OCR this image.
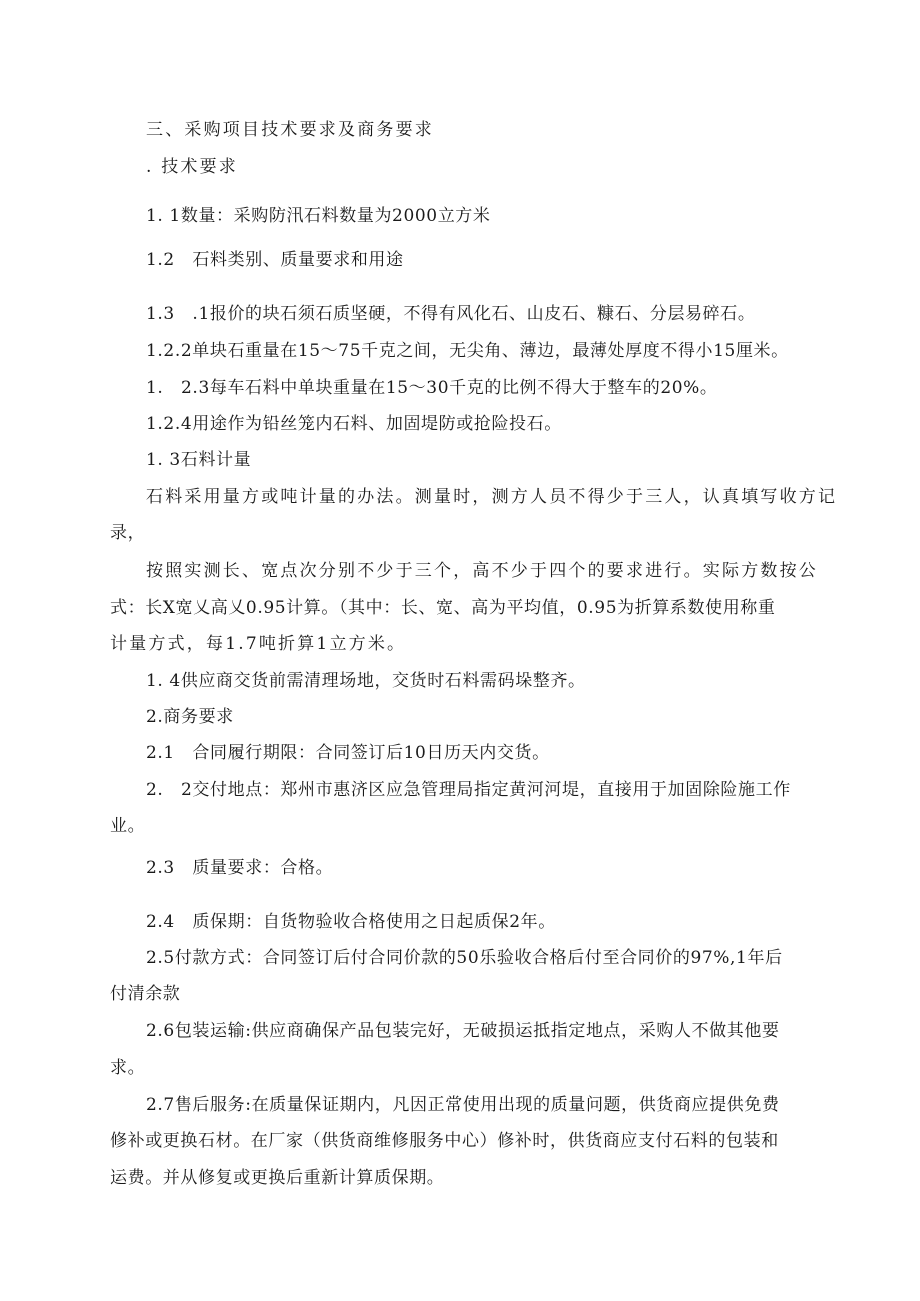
三、采购项目技术要求及商务要求
. 技术要求
1. 1数量：采购防汛石料数量为2000立方米
1.2　石料类别、质量要求和用途
1.3　.1报价的块石须石质坚硬，不得有风化石、山皮石、糠石、分层易碎石。
1.2.2单块石重量在15～75千克之间，无尖角、薄边，最薄处厚度不得小15厘米。
1.　2.3每车石料中单块重量在15～30千克的比例不得大于整车的20%。
1.2.4用途作为铅丝笼内石料、加固堤防或抢险投石。
1. 3石料计量
石料采用量方或吨计量的办法。测量时，测方人员不得少于三人，认真填写收方记
录，
按照实测长、宽点次分别不少于三个，高不少于四个的要求进行。实际方数按公
式：长X宽乂高乂0.95计算。（其中：长、宽、高为平均值，0.95为折算系数使用称重
计量方式，每1.7吨折算1立方米。
1. 4供应商交货前需清理场地，交货时石料需码垛整齐。
2.商务要求
2.1　合同履行期限：合同签订后10日历天内交货。
2.　2交付地点：郑州市惠济区应急管理局指定黄河河堤，直接用于加固除险施工作
业。
2.3　质量要求：合格。
2.4　质保期：自货物验收合格使用之日起质保2年。
2.5付款方式：合同签订后付合同价款的50乐验收合格后付至合同价的97%,1年后
付清余款
2.6包装运输:供应商确保产品包装完好，无破损运抵指定地点，采购人不做其他要
求。
2.7售后服务:在质量保证期内，凡因正常使用出现的质量问题，供货商应提供免费
修补或更换石材。在厂家（供货商维修服务中心）修补时，供货商应支付石料的包装和
运费。并从修复或更换后重新计算质保期。
